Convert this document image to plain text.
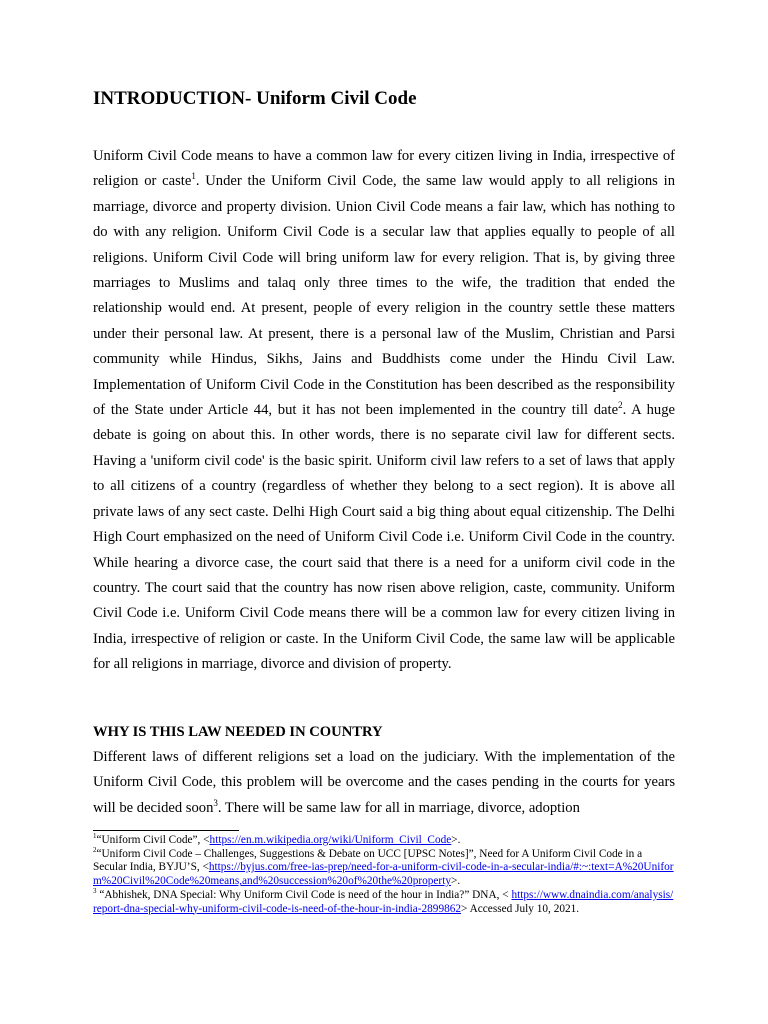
INTRODUCTION- Uniform Civil Code

Uniform Civil Code means to have a common law for every citizen living in India, irrespective of religion or caste$^1$. Under the Uniform Civil Code, the same law would apply to all religions in marriage, divorce and property division. Union Civil Code means a fair law, which has nothing to do with any religion. Uniform Civil Code is a secular law that applies equally to people of all religions. Uniform Civil Code will bring uniform law for every religion. That is, by giving three marriages to Muslims and talaq only three times to the wife, the tradition that ended the relationship would end. At present, people of every religion in the country settle these matters under their personal law. At present, there is a personal law of the Muslim, Christian and Parsi community while Hindus, Sikhs, Jains and Buddhists come under the Hindu Civil Law. Implementation of Uniform Civil Code in the Constitution has been described as the responsibility of the State under Article 44, but it has not been implemented in the country till date$^2$. A huge debate is going on about this. In other words, there is no separate civil law for different sects. Having a 'uniform civil code' is the basic spirit. Uniform civil law refers to a set of laws that apply to all citizens of a country (regardless of whether they belong to a sect region). It is above all private laws of any sect caste. Delhi High Court said a big thing about equal citizenship. The Delhi High Court emphasized on the need of Uniform Civil Code i.e. Uniform Civil Code in the country. While hearing a divorce case, the court said that there is a need for a uniform civil code in the country. The court said that the country has now risen above religion, caste, community. Uniform Civil Code i.e. Uniform Civil Code means there will be a common law for every citizen living in India, irrespective of religion or caste. In the Uniform Civil Code, the same law will be applicable for all religions in marriage, divorce and division of property.

WHY IS THIS LAW NEEDED IN COUNTRY

Different laws of different religions set a load on the judiciary. With the implementation of the Uniform Civil Code, this problem will be overcome and the cases pending in the courts for years will be decided soon$^3$. There will be same law for all in marriage, divorce, adoption

$^1$“Uniform Civil Code”, <https://en.m.wikipedia.org/wiki/Uniform_Civil_Code>.

$^2$“Uniform Civil Code – Challenges, Suggestions & Debate on UCC [UPSC Notes]”, Need for A Uniform Civil Code in a Secular India, BYJU’S, <https://byjus.com/free-ias-prep/need-for-a-uniform-civil-code-in-a-secular-india/#:~:text=A%20Uniform%20Civil%20Code%20means,and%20succession%20of%20the%20property>.

$^3$ “Abhishek, DNA Special: Why Uniform Civil Code is need of the hour in India?” DNA, < https://www.dnaindia.com/analysis/report-dna-special-why-uniform-civil-code-is-need-of-the-hour-in-india-2899862> Accessed July 10, 2021.
